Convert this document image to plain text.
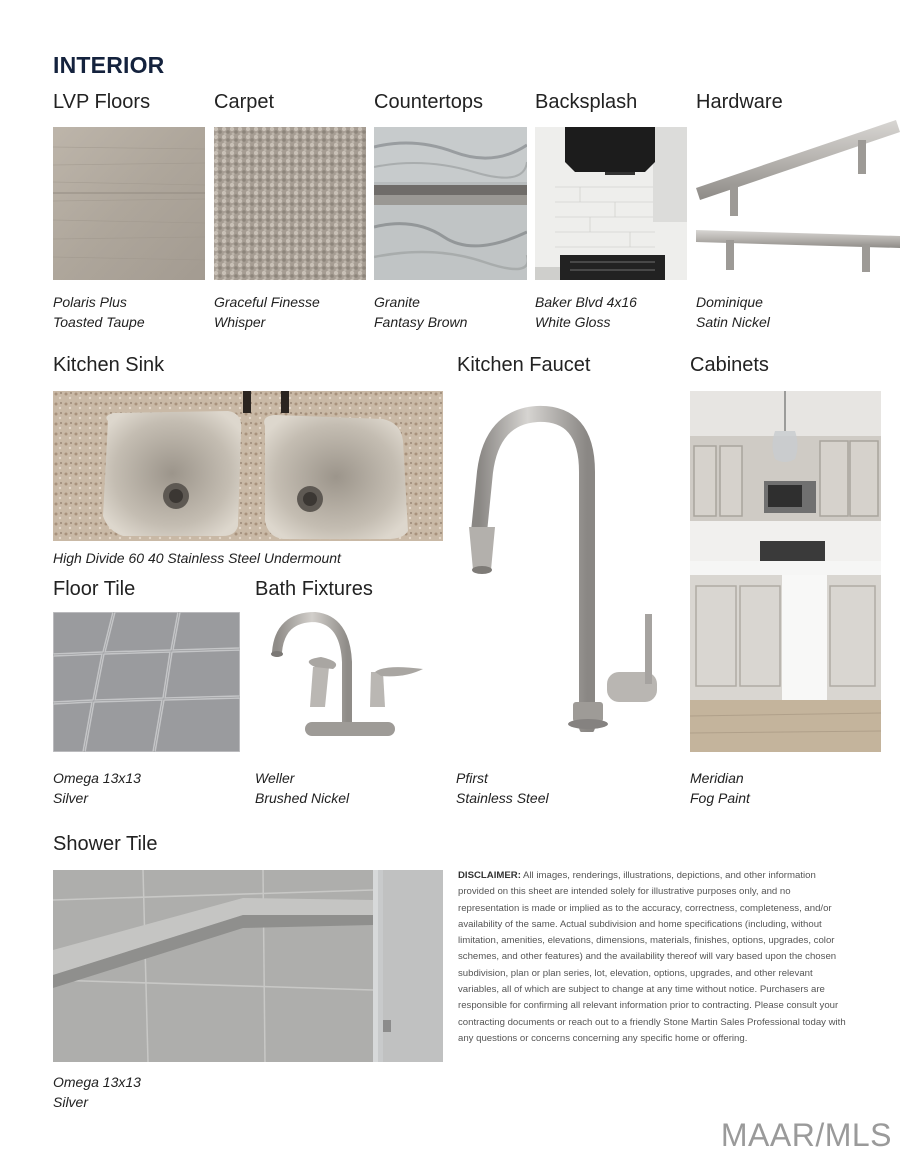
INTERIOR
LVP Floors	Carpet	Countertops	Backsplash	Hardware
Polaris Plus
Toasted Taupe
Graceful Finesse
Whisper
Granite
Fantasy Brown
Baker Blvd 4x16
White Gloss
Dominique
Satin Nickel
Kitchen Sink	Kitchen Faucet	Cabinets
High Divide 60 40 Stainless Steel Undermount
Floor Tile	Bath Fixtures
Omega 13x13
Silver
Weller
Brushed Nickel
Pfirst
Stainless Steel
Meridian
Fog Paint
Shower Tile
Omega 13x13
Silver
DISCLAIMER: All images, renderings, illustrations, depictions, and other information provided on this sheet are intended solely for illustrative purposes only, and no representation is made or implied as to the accuracy, correctness, completeness, and/or availability of the same. Actual subdivision and home specifications (including, without limitation, amenities, elevations, dimensions, materials, finishes, options, upgrades, color schemes, and other features) and the availability thereof will vary based upon the chosen subdivision, plan or plan series, lot, elevation, options, upgrades, and other relevant variables, all of which are subject to change at any time without notice. Purchasers are responsible for confirming all relevant information prior to contracting. Please consult your contracting documents or reach out to a friendly Stone Martin Sales Professional today with any questions or concerns concerning any specific home or offering.
MAAR/MLS
